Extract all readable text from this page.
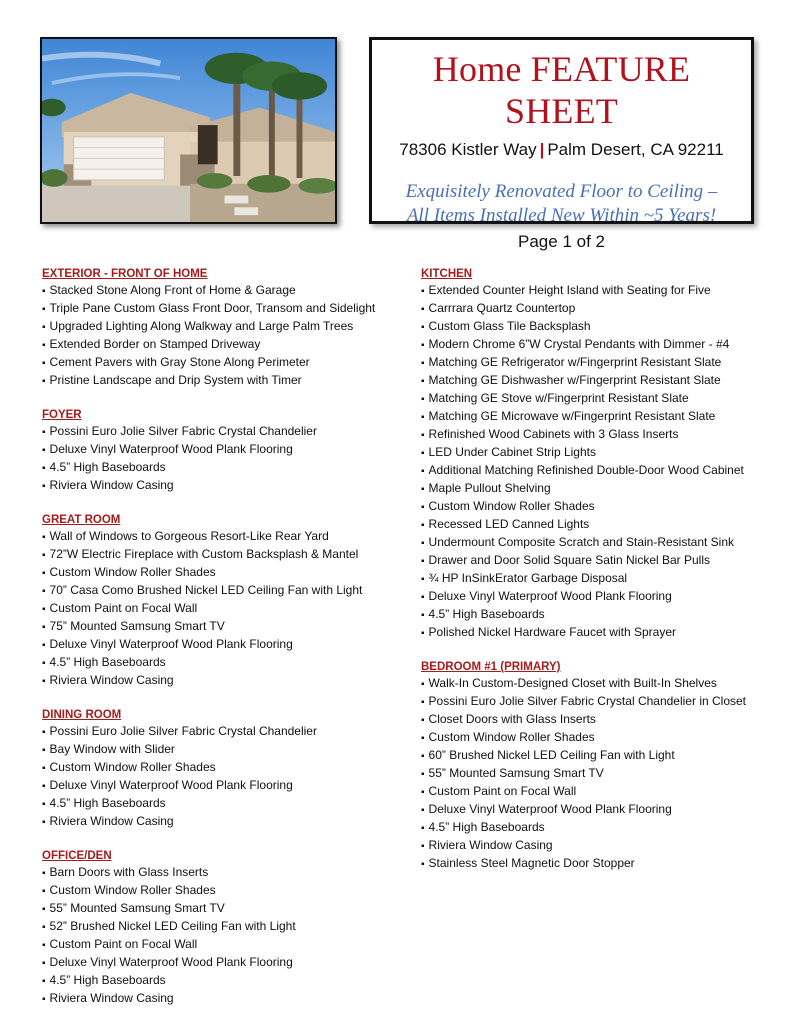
Home FEATURE SHEET
78306 Kistler Way | Palm Desert, CA 92211
Exquisitely Renovated Floor to Ceiling –
All Items Installed New Within ~5 Years!
Page 1 of 2
EXTERIOR - FRONT OF HOME
▪ Stacked Stone Along Front of Home & Garage
▪ Triple Pane Custom Glass Front Door, Transom and Sidelight
▪ Upgraded Lighting Along Walkway and Large Palm Trees
▪ Extended Border on Stamped Driveway
▪ Cement Pavers with Gray Stone Along Perimeter
▪ Pristine Landscape and Drip System with Timer
FOYER
▪ Possini Euro Jolie Silver Fabric Crystal Chandelier
▪ Deluxe Vinyl Waterproof Wood Plank Flooring
▪ 4.5” High Baseboards
▪ Riviera Window Casing
GREAT ROOM
▪ Wall of Windows to Gorgeous Resort-Like Rear Yard
▪ 72”W Electric Fireplace with Custom Backsplash & Mantel
▪ Custom Window Roller Shades
▪ 70” Casa Como Brushed Nickel LED Ceiling Fan with Light
▪ Custom Paint on Focal Wall
▪ 75” Mounted Samsung Smart TV
▪ Deluxe Vinyl Waterproof Wood Plank Flooring
▪ 4.5” High Baseboards
▪ Riviera Window Casing
DINING ROOM
▪ Possini Euro Jolie Silver Fabric Crystal Chandelier
▪ Bay Window with Slider
▪ Custom Window Roller Shades
▪ Deluxe Vinyl Waterproof Wood Plank Flooring
▪ 4.5” High Baseboards
▪ Riviera Window Casing
OFFICE/DEN
▪ Barn Doors with Glass Inserts
▪ Custom Window Roller Shades
▪ 55” Mounted Samsung Smart TV
▪ 52” Brushed Nickel LED Ceiling Fan with Light
▪ Custom Paint on Focal Wall
▪ Deluxe Vinyl Waterproof Wood Plank Flooring
▪ 4.5” High Baseboards
▪ Riviera Window Casing
KITCHEN
▪ Extended Counter Height Island with Seating for Five
▪ Carrrara Quartz Countertop
▪ Custom Glass Tile Backsplash
▪ Modern Chrome 6”W Crystal Pendants with Dimmer - #4
▪ Matching GE Refrigerator w/Fingerprint Resistant Slate
▪ Matching GE Dishwasher w/Fingerprint Resistant Slate
▪ Matching GE Stove w/Fingerprint Resistant Slate
▪ Matching GE Microwave w/Fingerprint Resistant Slate
▪ Refinished Wood Cabinets with 3 Glass Inserts
▪ LED Under Cabinet Strip Lights
▪ Additional Matching Refinished Double-Door Wood Cabinet
▪ Maple Pullout Shelving
▪ Custom Window Roller Shades
▪ Recessed LED Canned Lights
▪ Undermount Composite Scratch and Stain-Resistant Sink
▪ Drawer and Door Solid Square Satin Nickel Bar Pulls
▪ ¾ HP InSinkErator Garbage Disposal
▪ Deluxe Vinyl Waterproof Wood Plank Flooring
▪ 4.5” High Baseboards
▪ Polished Nickel Hardware Faucet with Sprayer
BEDROOM #1 (PRIMARY)
▪ Walk-In Custom-Designed Closet with Built-In Shelves
▪ Possini Euro Jolie Silver Fabric Crystal Chandelier in Closet
▪ Closet Doors with Glass Inserts
▪ Custom Window Roller Shades
▪ 60” Brushed Nickel LED Ceiling Fan with Light
▪ 55” Mounted Samsung Smart TV
▪ Custom Paint on Focal Wall
▪ Deluxe Vinyl Waterproof Wood Plank Flooring
▪ 4.5” High Baseboards
▪ Riviera Window Casing
▪ Stainless Steel Magnetic Door Stopper
